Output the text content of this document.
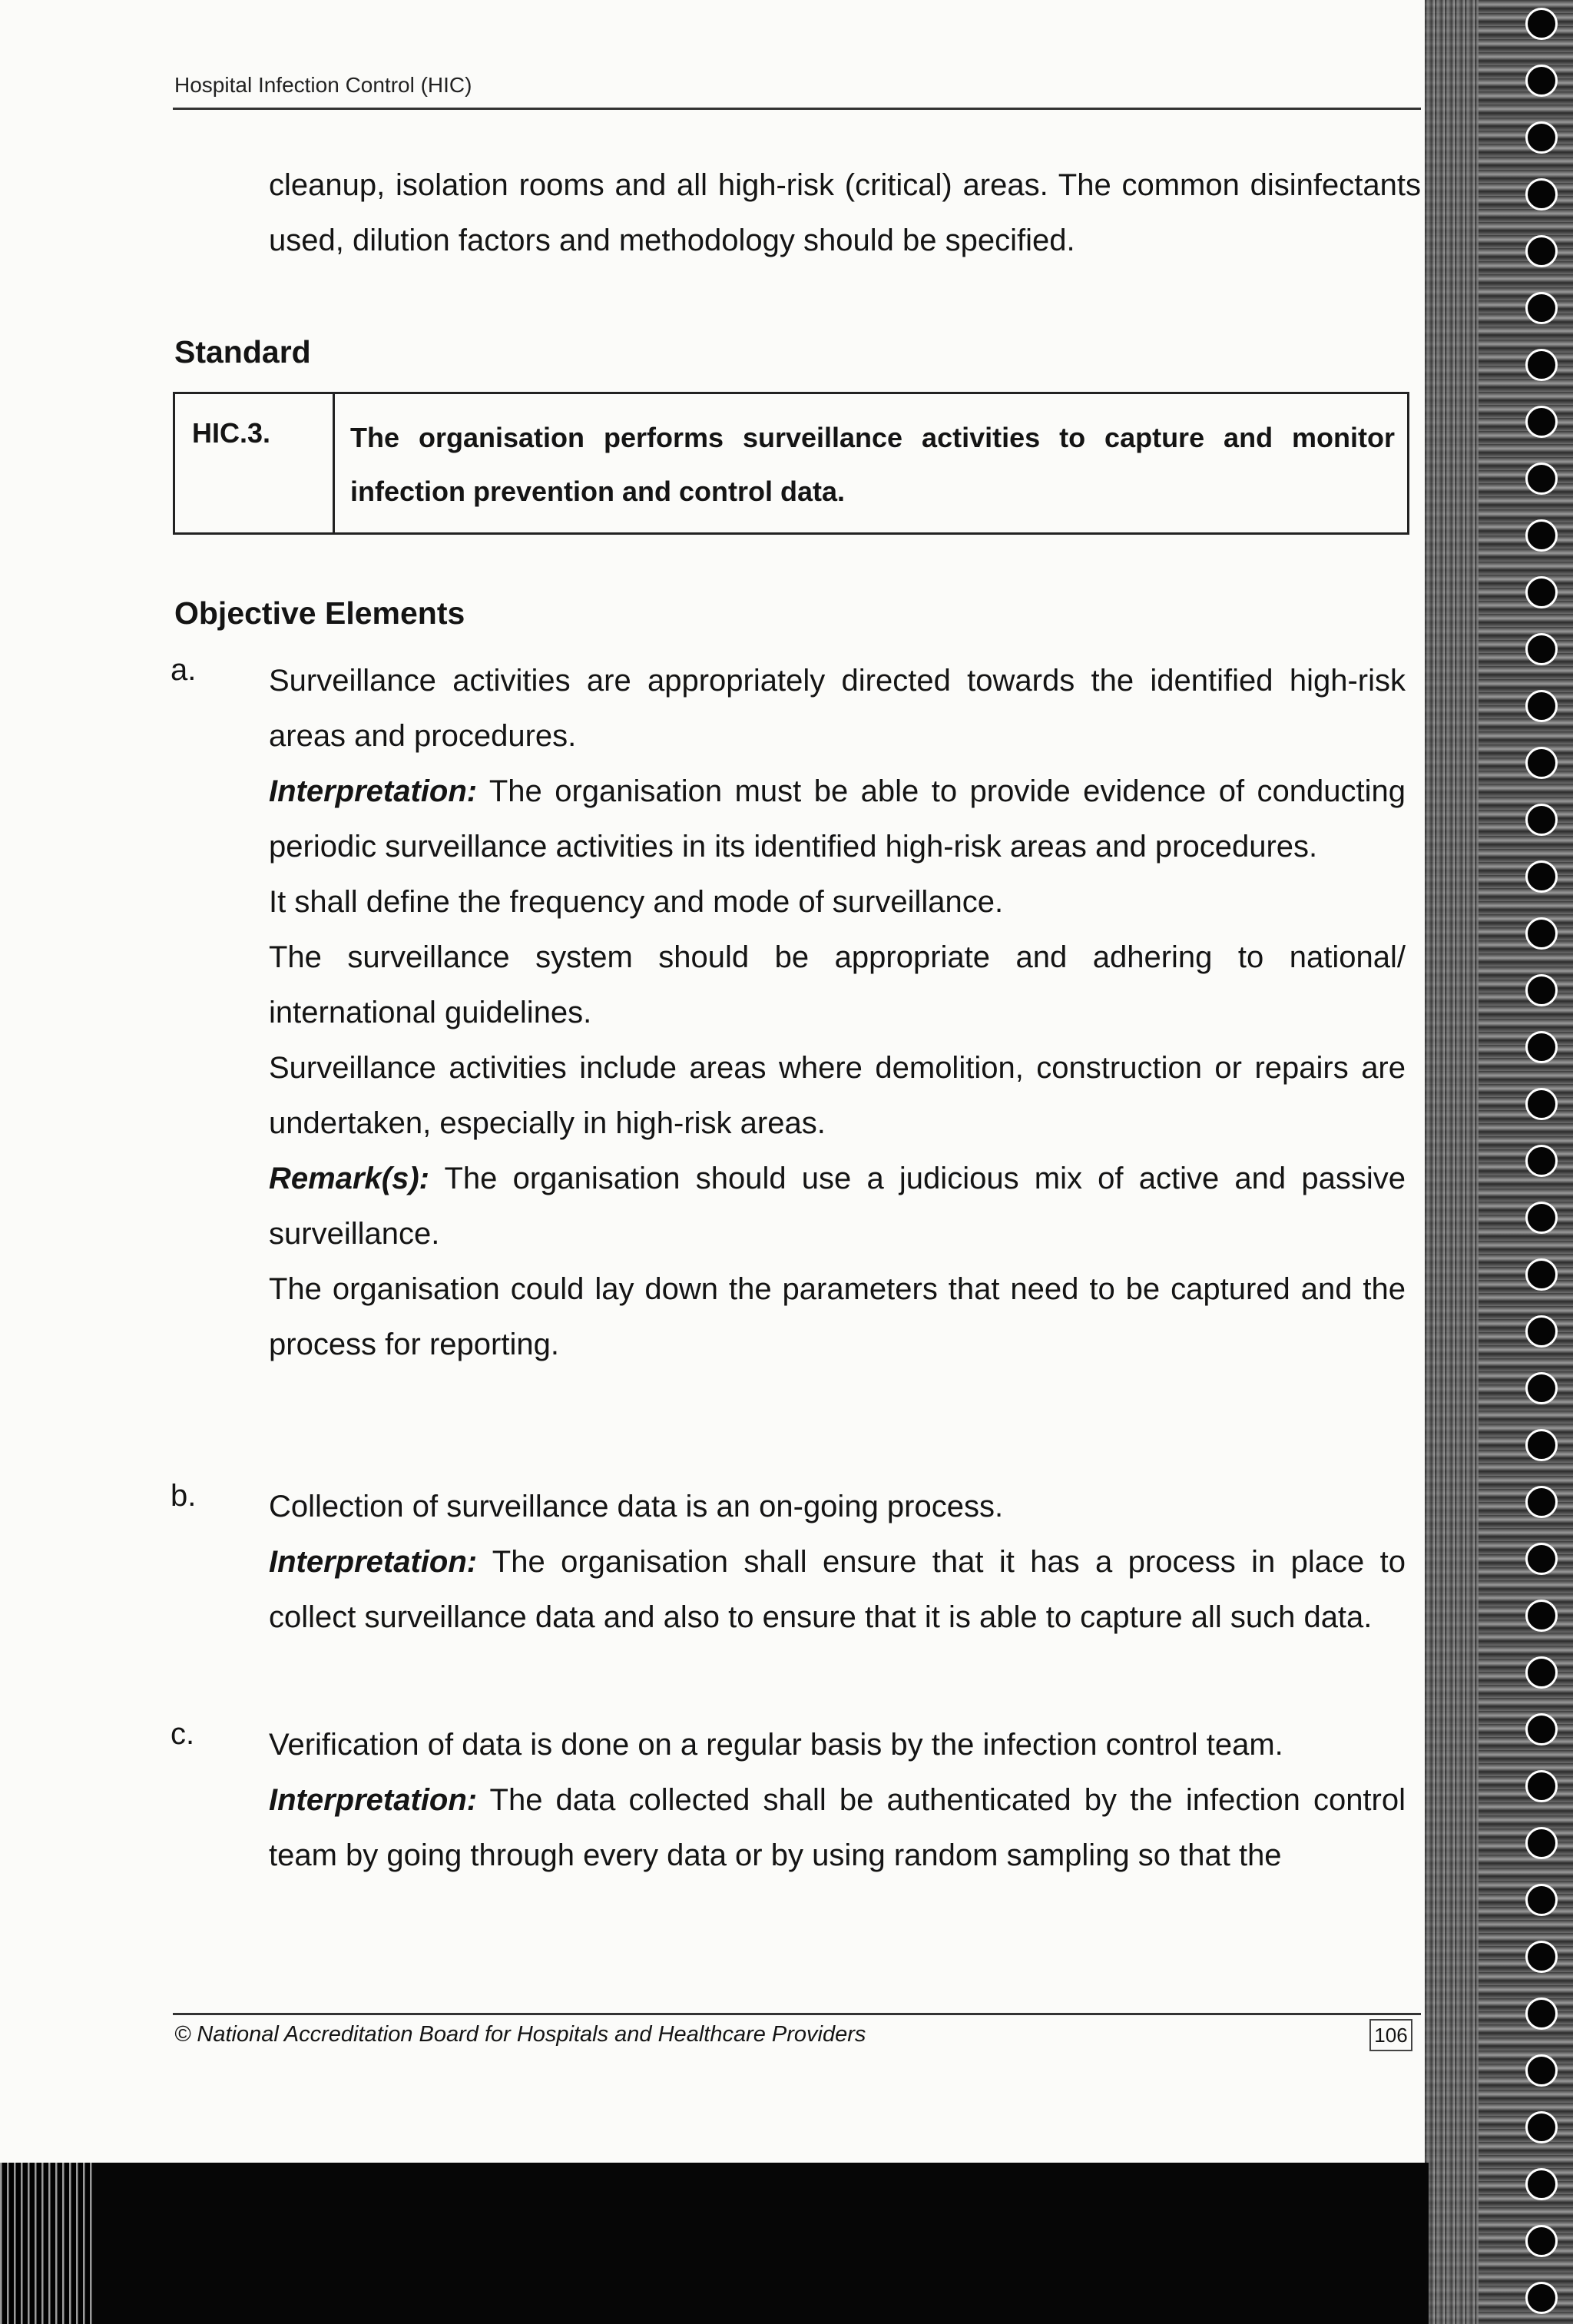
Hospital Infection Control (HIC)
cleanup, isolation rooms and all high-risk (critical) areas. The common disinfectants used, dilution factors and methodology should be specified.
Standard
HIC.3.	The organisation performs surveillance activities to capture and monitor infection prevention and control data.
Objective Elements
a. Surveillance activities are appropriately directed towards the identified high-risk areas and procedures.

Interpretation: The organisation must be able to provide evidence of conducting periodic surveillance activities in its identified high-risk areas and procedures.

It shall define the frequency and mode of surveillance.

The surveillance system should be appropriate and adhering to national/ international guidelines.

Surveillance activities include areas where demolition, construction or repairs are undertaken, especially in high-risk areas.

Remark(s): The organisation should use a judicious mix of active and passive surveillance.

The organisation could lay down the parameters that need to be captured and the process for reporting.

b. Collection of surveillance data is an on-going process.

Interpretation: The organisation shall ensure that it has a process in place to collect surveillance data and also to ensure that it is able to capture all such data.

c. Verification of data is done on a regular basis by the infection control team.

Interpretation: The data collected shall be authenticated by the infection control team by going through every data or by using random sampling so that the

© National Accreditation Board for Hospitals and Healthcare Providers	106
